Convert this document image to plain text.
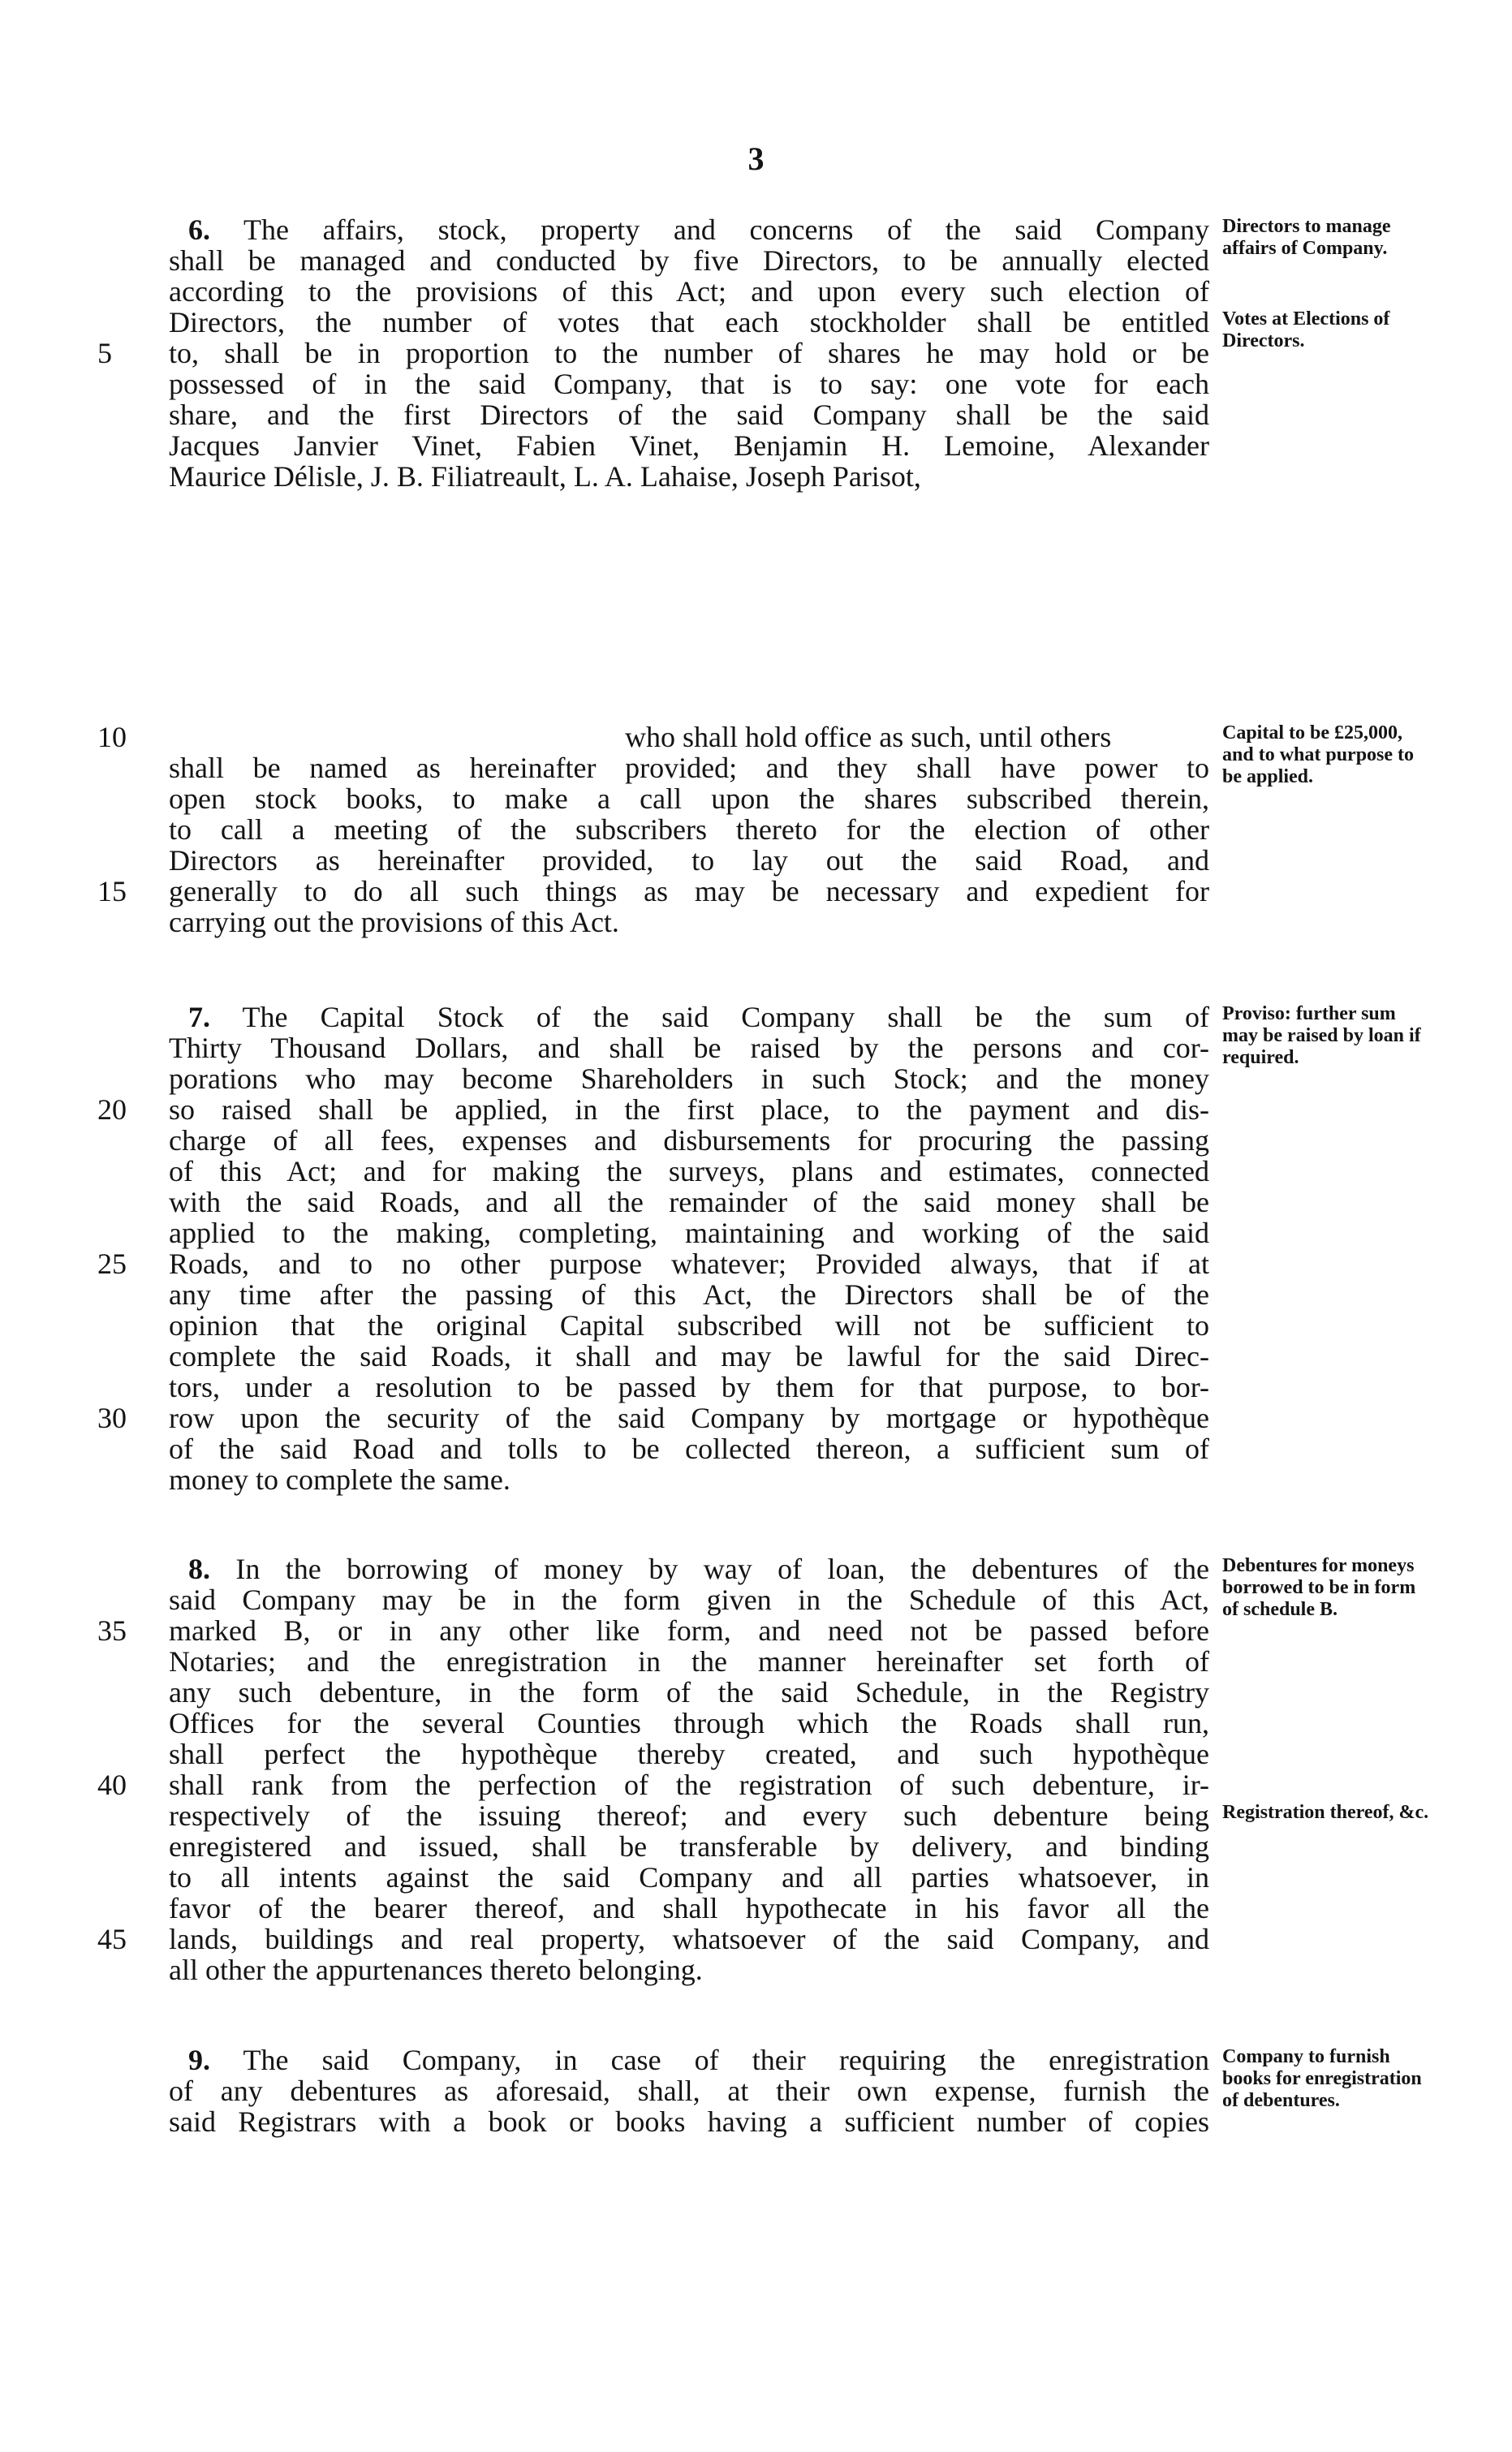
3
6. The affairs, stock, property and concerns of the said Company
shall be managed and conducted by five Directors, to be annually elected
according to the provisions of this Act; and upon every such election of
Directors, the number of votes that each stockholder shall be entitled
to, shall be in proportion to the number of shares he may hold or be
possessed of in the said Company, that is to say: one vote for each
share, and the first Directors of the said Company shall be the said
Jacques Janvier Vinet, Fabien Vinet, Benjamin H. Lemoine, Alexander
Maurice Délisle, J. B. Filiatreault, L. A. Lahaise, Joseph Parisot,
who shall hold office as such, until others
shall be named as hereinafter provided; and they shall have power to
open stock books, to make a call upon the shares subscribed therein,
to call a meeting of the subscribers thereto for the election of other
Directors as hereinafter provided, to lay out the said Road, and
generally to do all such things as may be necessary and expedient for
carrying out the provisions of this Act.
7. The Capital Stock of the said Company shall be the sum of
Thirty Thousand Dollars, and shall be raised by the persons and cor-
porations who may become Shareholders in such Stock; and the money
so raised shall be applied, in the first place, to the payment and dis-
charge of all fees, expenses and disbursements for procuring the passing
of this Act; and for making the surveys, plans and estimates, connected
with the said Roads, and all the remainder of the said money shall be
applied to the making, completing, maintaining and working of the said
Roads, and to no other purpose whatever; Provided always, that if at
any time after the passing of this Act, the Directors shall be of the
opinion that the original Capital subscribed will not be sufficient to
complete the said Roads, it shall and may be lawful for the said Direc-
tors, under a resolution to be passed by them for that purpose, to bor-
row upon the security of the said Company by mortgage or hypothèque
of the said Road and tolls to be collected thereon, a sufficient sum of
money to complete the same.
8. In the borrowing of money by way of loan, the debentures of the
said Company may be in the form given in the Schedule of this Act,
marked B, or in any other like form, and need not be passed before
Notaries; and the enregistration in the manner hereinafter set forth of
any such debenture, in the form of the said Schedule, in the Registry
Offices for the several Counties through which the Roads shall run,
shall perfect the hypothèque thereby created, and such hypothèque
shall rank from the perfection of the registration of such debenture, ir-
respectively of the issuing thereof; and every such debenture being
enregistered and issued, shall be transferable by delivery, and binding
to all intents against the said Company and all parties whatsoever, in
favor of the bearer thereof, and shall hypothecate in his favor all the
lands, buildings and real property, whatsoever of the said Company, and
all other the appurtenances thereto belonging.
9. The said Company, in case of their requiring the enregistration
of any debentures as aforesaid, shall, at their own expense, furnish the
said Registrars with a book or books having a sufficient number of copies
5
10
15
20
25
30
35
40
45
Directors to manage affairs of Company.
Votes at Elections of Directors.
Capital to be £25,000, and to what purpose to be applied.
Proviso: further sum may be raised by loan if required.
Debentures for moneys borrowed to be in form of schedule B.
Registration thereof, &c.
Company to furnish books for enregistration of debentures.
